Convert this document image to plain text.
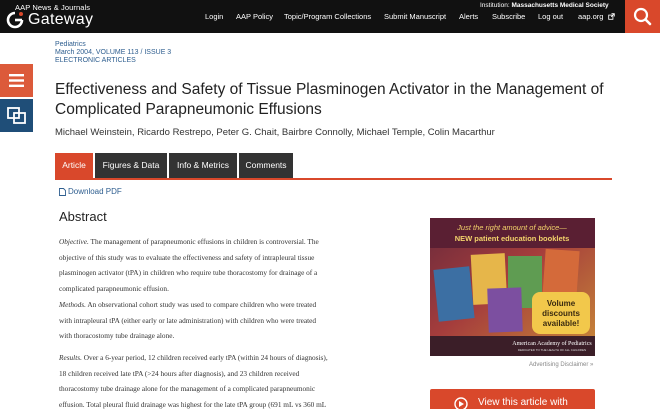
AAP News & Journals
Gateway
Institution: Massachusetts Medical Society
Login AAP Policy Topic/Program Collections Submit Manuscript Alerts Subscribe Log out aap.org
Pediatrics
March 2004, VOLUME 113 / ISSUE 3
ELECTRONIC ARTICLES
Effectiveness and Safety of Tissue Plasminogen Activator in the Management of Complicated Parapneumonic Effusions
Michael Weinstein, Ricardo Restrepo, Peter G. Chait, Bairbre Connolly, Michael Temple, Colin Macarthur
Article	Figures & Data	Info & Metrics	Comments
Download PDF
Abstract
Objective. The management of parapneumonic effusions in children is controversial. The
objective of this study was to evaluate the effectiveness and safety of intrapleural tissue
plasminogen activator (tPA) in children who require tube thoracostomy for drainage of a
complicated parapneumonic effusion.
Methods. An observational cohort study was used to compare children who were treated
with intrapleural tPA (either early or late administration) with children who were treated
with thoracostomy tube drainage alone.
Results. Over a 6-year period, 12 children received early tPA (within 24 hours of diagnosis),
18 children received late tPA (>24 hours after diagnosis), and 23 children received
thoracostomy tube drainage alone for the management of a complicated parapneumonic
effusion. Total pleural fluid drainage was highest for the late tPA group (691 mL vs 360 mL
Just the right amount of advice—
NEW patient education booklets
Volume
discounts
available!
American Academy of Pediatrics
DEDICATED TO THE HEALTH OF ALL CHILDREN
Advertising Disclaimer »
View this article with
